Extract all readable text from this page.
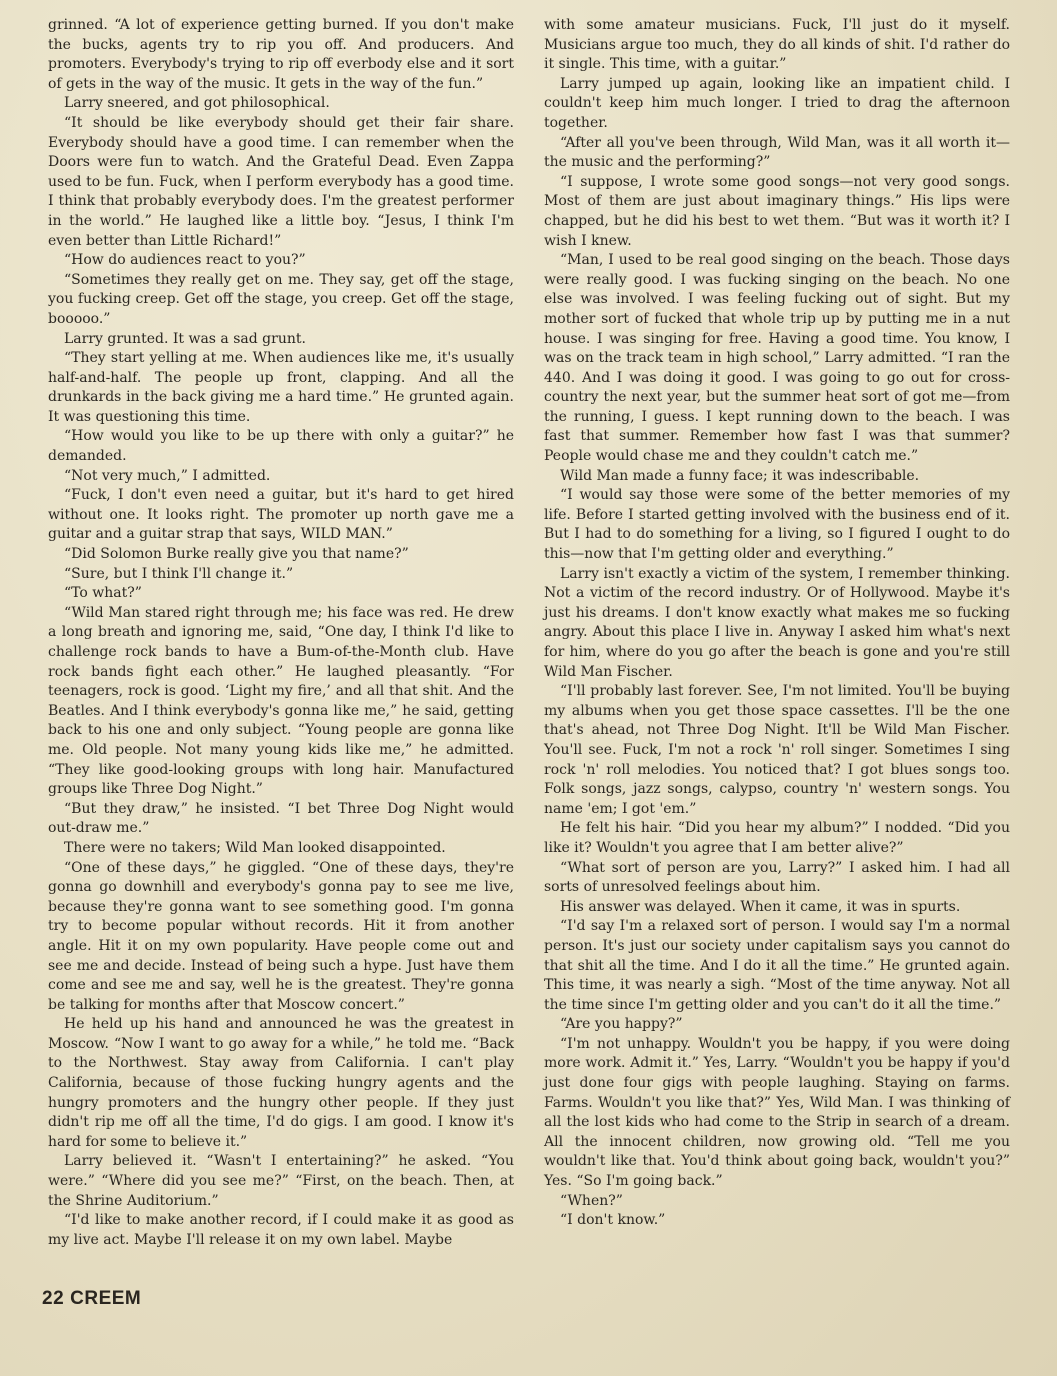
grinned. “A lot of experience getting burned. If you don't make the bucks, agents try to rip you off. And producers. And promoters. Everybody's trying to rip off everbody else and it sort of gets in the way of the music. It gets in the way of the fun.”

Larry sneered, and got philosophical.

“It should be like everybody should get their fair share. Everybody should have a good time. I can remember when the Doors were fun to watch. And the Grateful Dead. Even Zappa used to be fun. Fuck, when I perform everybody has a good time. I think that probably everybody does. I'm the greatest performer in the world.” He laughed like a little boy. “Jesus, I think I'm even better than Little Richard!”

“How do audiences react to you?”

“Sometimes they really get on me. They say, get off the stage, you fucking creep. Get off the stage, you creep. Get off the stage, booooo.”

Larry grunted. It was a sad grunt.

“They start yelling at me. When audiences like me, it's usually half-and-half. The people up front, clapping. And all the drunkards in the back giving me a hard time.” He grunted again. It was questioning this time.

“How would you like to be up there with only a guitar?” he demanded.

“Not very much,” I admitted.

“Fuck, I don't even need a guitar, but it's hard to get hired without one. It looks right. The promoter up north gave me a guitar and a guitar strap that says, WILD MAN.”

“Did Solomon Burke really give you that name?”

“Sure, but I think I'll change it.”

“To what?”

“Wild Man stared right through me; his face was red. He drew a long breath and ignoring me, said, “One day, I think I'd like to challenge rock bands to have a Bum-of-the-Month club. Have rock bands fight each other.” He laughed pleasantly. “For teenagers, rock is good. ‘Light my fire,’ and all that shit. And the Beatles. And I think everybody's gonna like me,” he said, getting back to his one and only subject. “Young people are gonna like me. Old people. Not many young kids like me,” he admitted. “They like good-looking groups with long hair. Manufactured groups like Three Dog Night.”

“But they draw,” he insisted. “I bet Three Dog Night would out-draw me.”

There were no takers; Wild Man looked disappointed.

“One of these days,” he giggled. “One of these days, they're gonna go downhill and everybody's gonna pay to see me live, because they're gonna want to see something good. I'm gonna try to become popular without records. Hit it from another angle. Hit it on my own popularity. Have people come out and see me and decide. Instead of being such a hype. Just have them come and see me and say, well he is the greatest. They're gonna be talking for months after that Moscow concert.”

He held up his hand and announced he was the greatest in Moscow. “Now I want to go away for a while,” he told me. “Back to the Northwest. Stay away from California. I can't play California, because of those fucking hungry agents and the hungry promoters and the hungry other people. If they just didn't rip me off all the time, I'd do gigs. I am good. I know it's hard for some to believe it.”

Larry believed it. “Wasn't I entertaining?” he asked. “You were.” “Where did you see me?” “First, on the beach. Then, at the Shrine Auditorium.”

“I'd like to make another record, if I could make it as good as my live act. Maybe I'll release it on my own label. Maybe

with some amateur musicians. Fuck, I'll just do it myself. Musicians argue too much, they do all kinds of shit. I'd rather do it single. This time, with a guitar.”

Larry jumped up again, looking like an impatient child. I couldn't keep him much longer. I tried to drag the afternoon together.

“After all you've been through, Wild Man, was it all worth it—the music and the performing?”

“I suppose, I wrote some good songs—not very good songs. Most of them are just about imaginary things.” His lips were chapped, but he did his best to wet them. “But was it worth it? I wish I knew.

“Man, I used to be real good singing on the beach. Those days were really good. I was fucking singing on the beach. No one else was involved. I was feeling fucking out of sight. But my mother sort of fucked that whole trip up by putting me in a nut house. I was singing for free. Having a good time. You know, I was on the track team in high school,” Larry admitted. “I ran the 440. And I was doing it good. I was going to go out for cross-country the next year, but the summer heat sort of got me—from the running, I guess. I kept running down to the beach. I was fast that summer. Remember how fast I was that summer? People would chase me and they couldn't catch me.”

Wild Man made a funny face; it was indescribable.

“I would say those were some of the better memories of my life. Before I started getting involved with the business end of it. But I had to do something for a living, so I figured I ought to do this—now that I'm getting older and everything.”

Larry isn't exactly a victim of the system, I remember thinking. Not a victim of the record industry. Or of Hollywood. Maybe it's just his dreams. I don't know exactly what makes me so fucking angry. About this place I live in. Anyway I asked him what's next for him, where do you go after the beach is gone and you're still Wild Man Fischer.

“I'll probably last forever. See, I'm not limited. You'll be buying my albums when you get those space cassettes. I'll be the one that's ahead, not Three Dog Night. It'll be Wild Man Fischer. You'll see. Fuck, I'm not a rock 'n' roll singer. Sometimes I sing rock 'n' roll melodies. You noticed that? I got blues songs too. Folk songs, jazz songs, calypso, country 'n' western songs. You name 'em; I got 'em.”

He felt his hair. “Did you hear my album?” I nodded. “Did you like it? Wouldn't you agree that I am better alive?”

“What sort of person are you, Larry?” I asked him. I had all sorts of unresolved feelings about him.

His answer was delayed. When it came, it was in spurts.

“I'd say I'm a relaxed sort of person. I would say I'm a normal person. It's just our society under capitalism says you cannot do that shit all the time. And I do it all the time.” He grunted again. This time, it was nearly a sigh. “Most of the time anyway. Not all the time since I'm getting older and you can't do it all the time.”

“Are you happy?”

“I'm not unhappy. Wouldn't you be happy, if you were doing more work. Admit it.” Yes, Larry. “Wouldn't you be happy if you'd just done four gigs with people laughing. Staying on farms. Farms. Wouldn't you like that?” Yes, Wild Man. I was thinking of all the lost kids who had come to the Strip in search of a dream. All the innocent children, now growing old. “Tell me you wouldn't like that. You'd think about going back, wouldn't you?” Yes. “So I'm going back.”

“When?”

“I don't know.”

22 CREEM
